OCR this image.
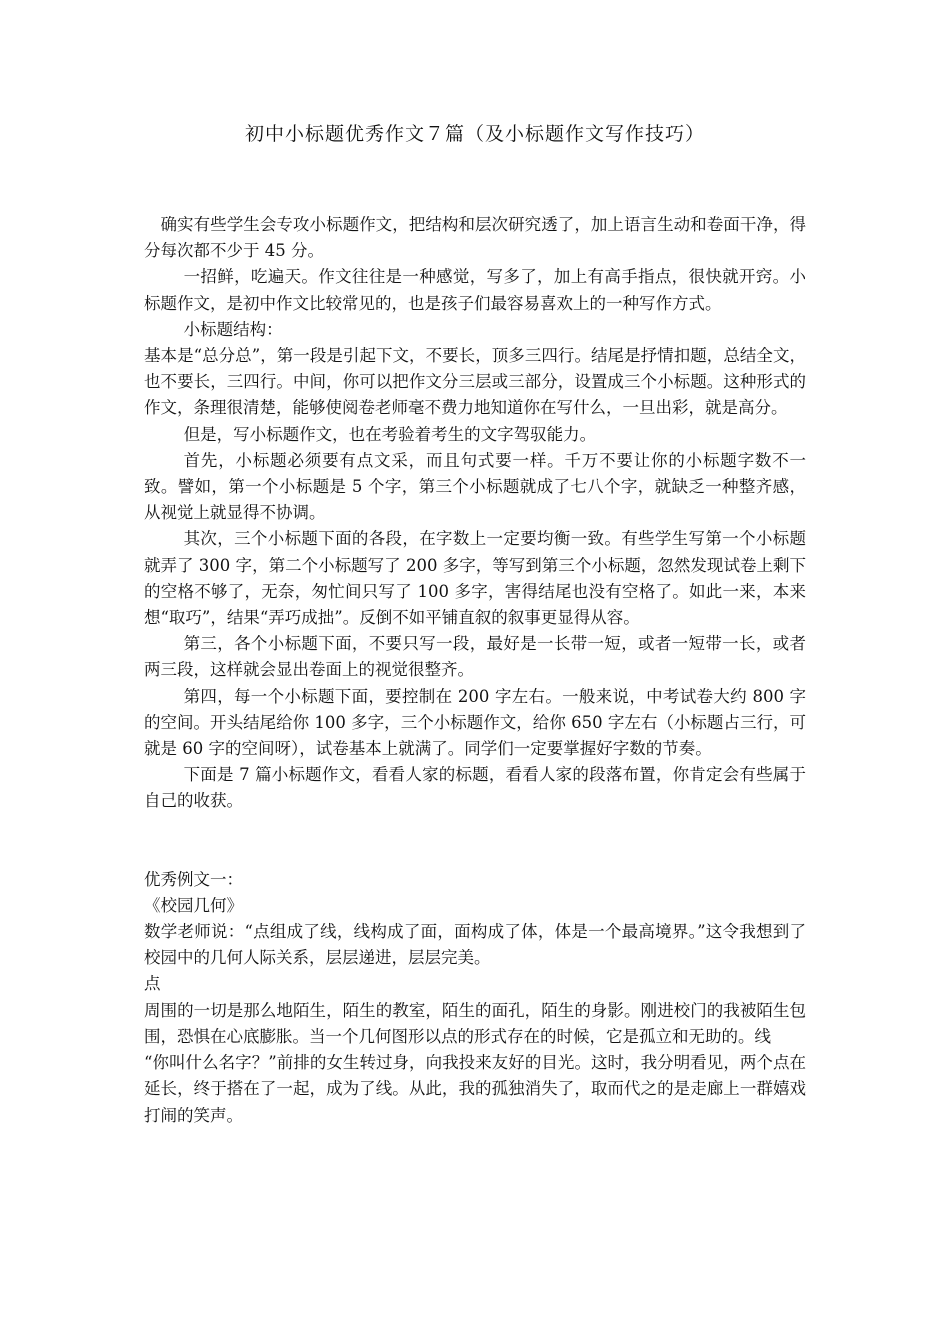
初中小标题优秀作文７篇（及小标题作文写作技巧）

确实有些学生会专攻小标题作文，把结构和层次研究透了，加上语言生动和卷面干净，得分每次都不少于 45 分。

一招鲜，吃遍天。作文往往是一种感觉，写多了，加上有高手指点，很快就开窍。小标题作文，是初中作文比较常见的，也是孩子们最容易喜欢上的一种写作方式。

小标题结构：

基本是“总分总”，第一段是引起下文，不要长，顶多三四行。结尾是抒情扣题，总结全文，也不要长，三四行。中间，你可以把作文分三层或三部分，设置成三个小标题。这种形式的作文，条理很清楚，能够使阅卷老师毫不费力地知道你在写什么，一旦出彩，就是高分。

但是，写小标题作文，也在考验着考生的文字驾驭能力。

首先，小标题必须要有点文采，而且句式要一样。千万不要让你的小标题字数不一致。譬如，第一个小标题是 5 个字，第三个小标题就成了七八个字，就缺乏一种整齐感，从视觉上就显得不协调。

其次，三个小标题下面的各段，在字数上一定要均衡一致。有些学生写第一个小标题就弄了 300 字，第二个小标题写了 200 多字，等写到第三个小标题，忽然发现试卷上剩下的空格不够了，无奈，匆忙间只写了 100 多字，害得结尾也没有空格了。如此一来，本来想“取巧”，结果“弄巧成拙”。反倒不如平铺直叙的叙事更显得从容。

第三，各个小标题下面，不要只写一段，最好是一长带一短，或者一短带一长，或者两三段，这样就会显出卷面上的视觉很整齐。

第四，每一个小标题下面，要控制在 200 字左右。一般来说，中考试卷大约 800 字的空间。开头结尾给你 100 多字，三个小标题作文，给你 650 字左右（小标题占三行，可就是 60 字的空间呀），试卷基本上就满了。同学们一定要掌握好字数的节奏。

下面是 7 篇小标题作文，看看人家的标题，看看人家的段落布置，你肯定会有些属于自己的收获。

优秀例文一：

《校园几何》

数学老师说：“点组成了线，线构成了面，面构成了体，体是一个最高境界。”这令我想到了校园中的几何人际关系，层层递进，层层完美。

点

周围的一切是那么地陌生，陌生的教室，陌生的面孔，陌生的身影。刚进校门的我被陌生包围，恐惧在心底膨胀。当一个几何图形以点的形式存在的时候，它是孤立和无助的。线

“你叫什么名字？”前排的女生转过身，向我投来友好的目光。这时，我分明看见，两个点在延长，终于搭在了一起，成为了线。从此，我的孤独消失了，取而代之的是走廊上一群嬉戏打闹的笑声。
